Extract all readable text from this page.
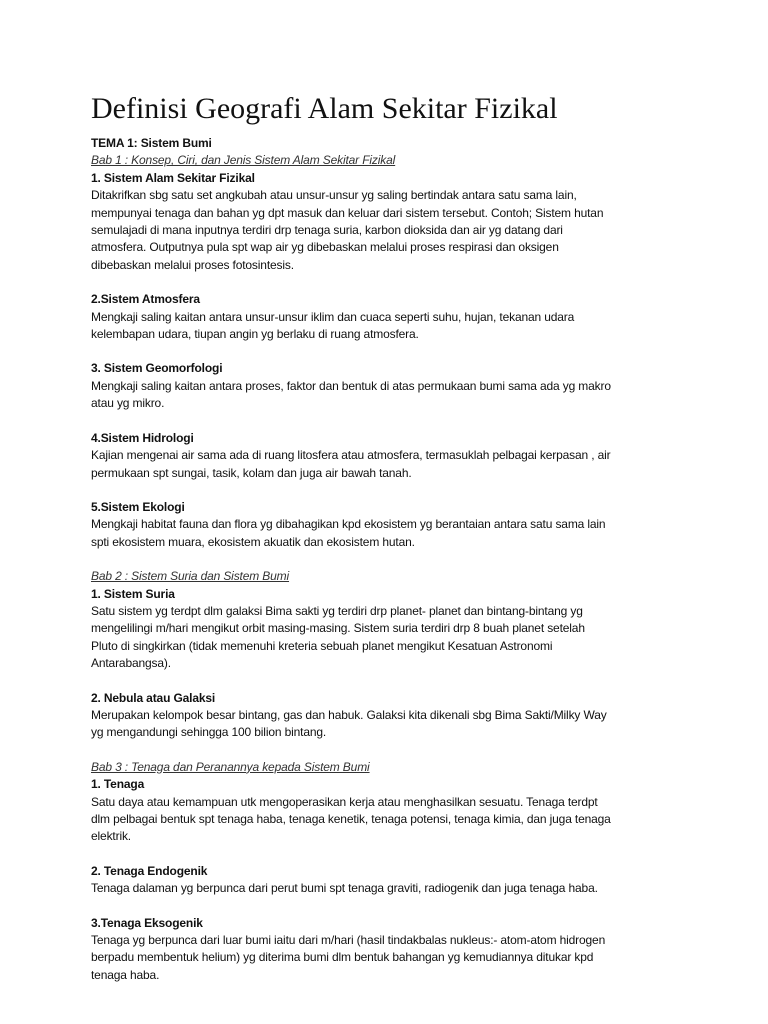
Definisi Geografi Alam Sekitar Fizikal

TEMA 1: Sistem Bumi

Bab 1 : Konsep, Ciri, dan Jenis Sistem Alam Sekitar Fizikal

1. Sistem Alam Sekitar Fizikal

Ditakrifkan sbg satu set angkubah atau unsur-unsur yg saling bertindak antara satu sama lain,

mempunyai tenaga dan bahan yg dpt masuk dan keluar dari sistem tersebut. Contoh; Sistem hutan

semulajadi di mana inputnya terdiri drp tenaga suria, karbon dioksida dan air yg datang dari

atmosfera. Outputnya pula spt wap air yg dibebaskan melalui proses respirasi dan oksigen

dibebaskan melalui proses fotosintesis.

2.Sistem Atmosfera

Mengkaji saling kaitan antara unsur-unsur iklim dan cuaca seperti suhu, hujan, tekanan udara

kelembapan udara, tiupan angin yg berlaku di ruang atmosfera.

3. Sistem Geomorfologi

Mengkaji saling kaitan antara proses, faktor dan bentuk di atas permukaan bumi sama ada yg makro

atau yg mikro.

4.Sistem Hidrologi

Kajian mengenai air sama ada di ruang litosfera atau atmosfera, termasuklah pelbagai kerpasan , air

permukaan spt sungai, tasik, kolam dan juga air bawah tanah.

5.Sistem Ekologi

Mengkaji habitat fauna dan flora yg dibahagikan kpd ekosistem yg berantaian antara satu sama lain

spti ekosistem muara, ekosistem akuatik dan ekosistem hutan.

Bab 2 : Sistem Suria dan Sistem Bumi

1. Sistem Suria

Satu sistem yg terdpt dlm galaksi Bima sakti yg terdiri drp planet- planet dan bintang-bintang yg

mengelilingi m/hari mengikut orbit masing-masing. Sistem suria terdiri drp 8 buah planet setelah

Pluto di singkirkan (tidak memenuhi kreteria sebuah planet mengikut Kesatuan Astronomi

Antarabangsa).

2. Nebula atau Galaksi

Merupakan kelompok besar bintang, gas dan habuk. Galaksi kita dikenali sbg Bima Sakti/Milky Way

yg mengandungi sehingga 100 bilion bintang.

Bab 3 : Tenaga dan Peranannya kepada Sistem Bumi

1. Tenaga

Satu daya atau kemampuan utk mengoperasikan kerja atau menghasilkan sesuatu. Tenaga terdpt

dlm pelbagai bentuk spt tenaga haba, tenaga kenetik, tenaga potensi, tenaga kimia, dan juga tenaga

elektrik.

2. Tenaga Endogenik

Tenaga dalaman yg berpunca dari perut bumi spt tenaga graviti, radiogenik dan juga tenaga haba.

3.Tenaga Eksogenik

Tenaga yg berpunca dari luar bumi iaitu dari m/hari (hasil tindakbalas nukleus:- atom-atom hidrogen

berpadu membentuk helium) yg diterima bumi dlm bentuk bahangan yg kemudiannya ditukar kpd

tenaga haba.
